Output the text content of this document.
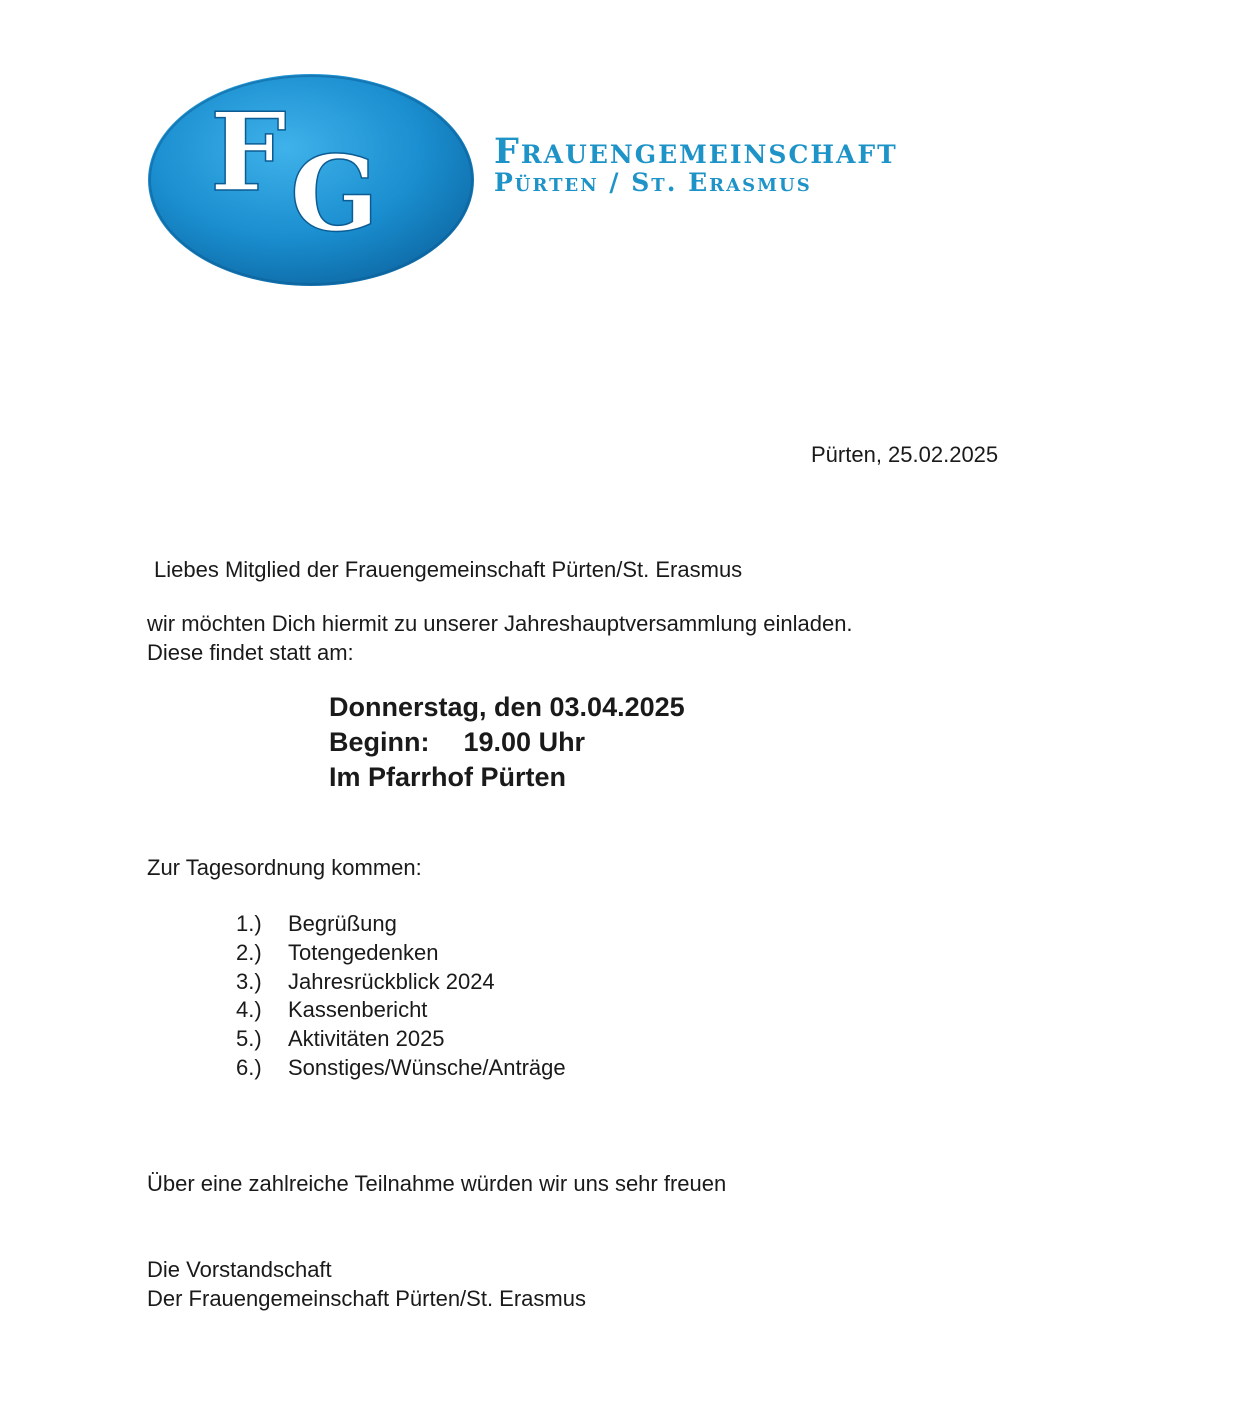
F G	Frauengemeinschaft
Pürten / St. Erasmus
Pürten, 25.02.2025
Liebes Mitglied der Frauengemeinschaft Pürten/St. Erasmus
wir möchten Dich hiermit zu unserer Jahreshauptversammlung einladen.
Diese findet statt am:
Donnerstag, den 03.04.2025
Beginn: 19.00 Uhr
Im Pfarrhof Pürten
Zur Tagesordnung kommen:
1.) Begrüßung
2.) Totengedenken
3.) Jahresrückblick 2024
4.) Kassenbericht
5.) Aktivitäten 2025
6.) Sonstiges/Wünsche/Anträge
Über eine zahlreiche Teilnahme würden wir uns sehr freuen
Die Vorstandschaft
Der Frauengemeinschaft Pürten/St. Erasmus
